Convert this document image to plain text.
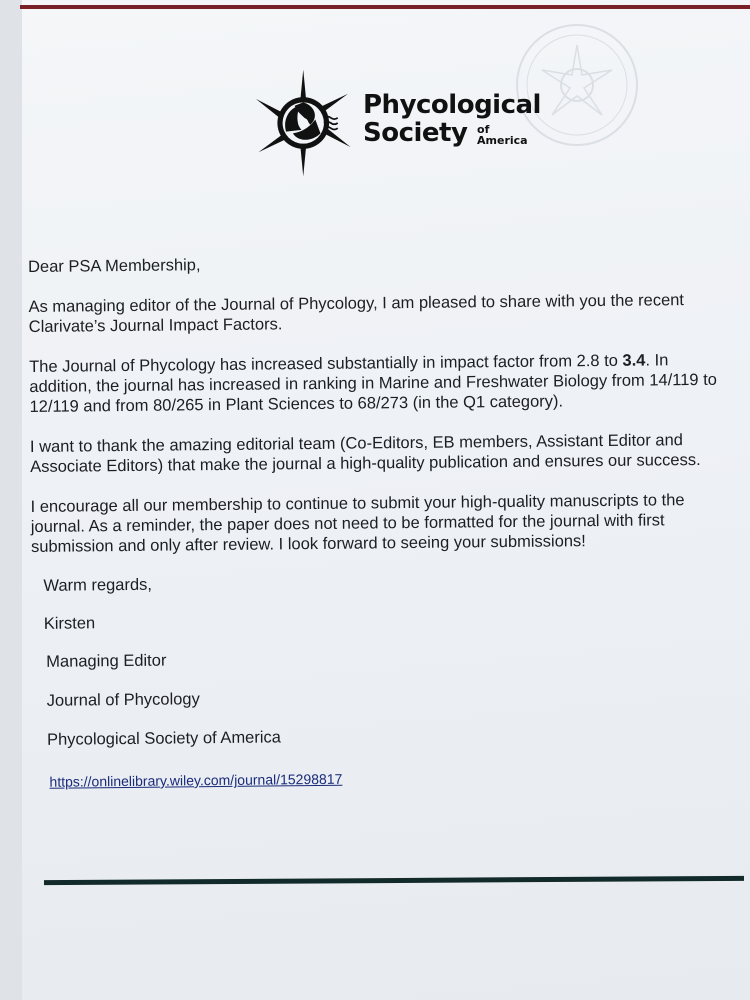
Phycological
Society of
America

Dear PSA Membership,

As managing editor of the Journal of Phycology, I am pleased to share with you the recent Clarivate’s Journal Impact Factors.

The Journal of Phycology has increased substantially in impact factor from 2.8 to 3.4. In addition, the journal has increased in ranking in Marine and Freshwater Biology from 14/119 to 12/119 and from 80/265 in Plant Sciences to 68/273 (in the Q1 category).

I want to thank the amazing editorial team (Co-Editors, EB members, Assistant Editor and Associate Editors) that make the journal a high-quality publication and ensures our success.

I encourage all our membership to continue to submit your high-quality manuscripts to the journal. As a reminder, the paper does not need to be formatted for the journal with first submission and only after review. I look forward to seeing your submissions!

Warm regards,

Kirsten

Managing Editor

Journal of Phycology

Phycological Society of America

https://onlinelibrary.wiley.com/journal/15298817
